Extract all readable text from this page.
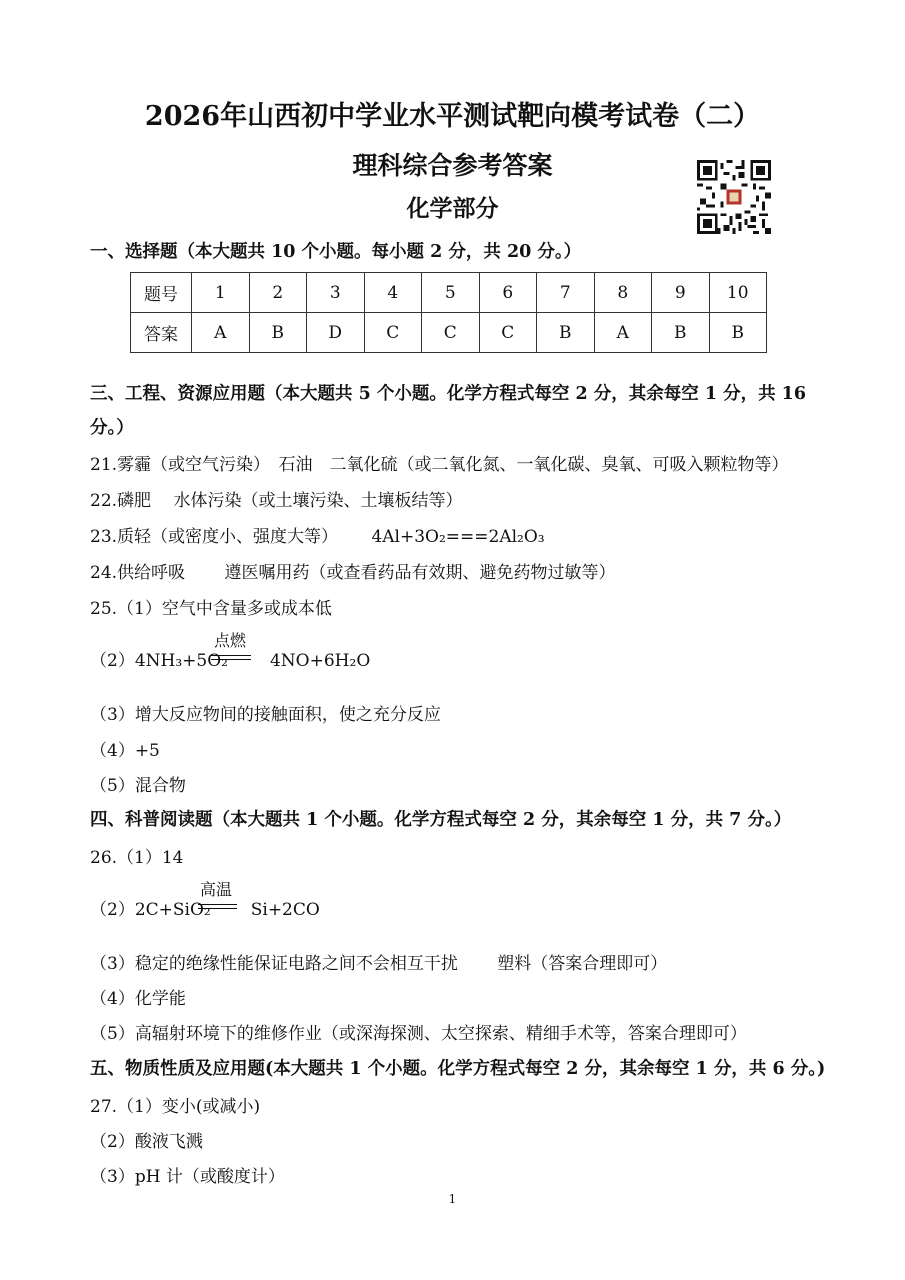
2026年山西初中学业水平测试靶向模考试卷（二）
理科综合参考答案
化学部分
一、选择题（本大题共 10 个小题。每小题 2 分，共 20 分。）
题号	1	2	3	4	5	6	7	8	9	10
答案	A	B	D	C	C	C	B	A	B	B
三、工程、资源应用题（本大题共 5 个小题。化学方程式每空 2 分，其余每空 1 分，共 16
分。）
21.雾霾（或空气污染）　石油　二氧化硫（或二氧化氮、一氧化碳、臭氧、可吸入颗粒物等）
22.磷肥　 水体污染（或土壤污染、土壤板结等）
23.质轻（或密度小、强度大等） 4Al+3O₂===2Al₂O₃
24.供给呼吸　　 遵医嘱用药（或查看药品有效期、避免药物过敏等）
25.（1）空气中含量多或成本低
（2）4NH₃+5O₂ 4NO+6H₂O
点燃
（3）增大反应物间的接触面积，使之充分反应
（4）+5
（5）混合物
四、科普阅读题（本大题共 1 个小题。化学方程式每空 2 分，其余每空 1 分，共 7 分。）
26.（1）14
（2）2C+SiO₂ Si+2CO
高温
（3）稳定的绝缘性能保证电路之间不会相互干扰　　 塑料（答案合理即可）
（4）化学能
（5）高辐射环境下的维修作业（或深海探测、太空探索、精细手术等，答案合理即可）
五、物质性质及应用题(本大题共 1 个小题。化学方程式每空 2 分，其余每空 1 分，共 6 分。)
27.（1）变小(或减小)
（2）酸液飞溅
（3）pH 计（或酸度计）
1
